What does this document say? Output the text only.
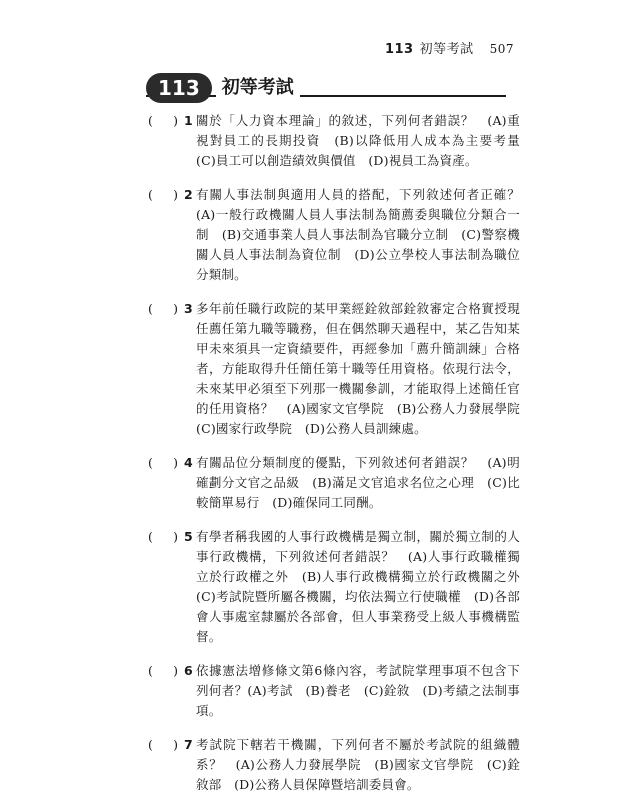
113 初等考試 507
113	初等考試
( ) 1 關於「人力資本理論」的敘述，下列何者錯誤？　(A)重視對員工的長期投資　(B)以降低用人成本為主要考量　(C)員工可以創造績效與價值　(D)視員工為資產。
( ) 2 有關人事法制與適用人員的搭配，下列敘述何者正確？　(A)一般行政機關人員人事法制為簡薦委與職位分類合一制　(B)交通事業人員人事法制為官職分立制　(C)警察機關人員人事法制為資位制　(D)公立學校人事法制為職位分類制。
( ) 3 多年前任職行政院的某甲業經銓敘部銓敘審定合格實授現任薦任第九職等職務，但在偶然聊天過程中，某乙告知某甲未來須具一定資績要件，再經參加「薦升簡訓練」合格者，方能取得升任簡任第十職等任用資格。依現行法令，未來某甲必須至下列那一機關參訓，才能取得上述簡任官的任用資格？　(A)國家文官學院　(B)公務人力發展學院　(C)國家行政學院　(D)公務人員訓練處。
( ) 4 有關品位分類制度的優點，下列敘述何者錯誤？　(A)明確劃分文官之品級　(B)滿足文官追求名位之心理　(C)比較簡單易行　(D)確保同工同酬。
( ) 5 有學者稱我國的人事行政機構是獨立制，關於獨立制的人事行政機構，下列敘述何者錯誤？　(A)人事行政職權獨立於行政權之外　(B)人事行政機構獨立於行政機關之外　(C)考試院暨所屬各機關，均依法獨立行使職權　(D)各部會人事處室隸屬於各部會，但人事業務受上級人事機構監督。
( ) 6 依據憲法增修條文第6條內容，考試院掌理事項不包含下列何者？(A)考試　(B)養老　(C)銓敘　(D)考績之法制事項。
( ) 7 考試院下轄若干機關，下列何者不屬於考試院的組織體系？　(A)公務人力發展學院　(B)國家文官學院　(C)銓敘部　(D)公務人員保障暨培訓委員會。
